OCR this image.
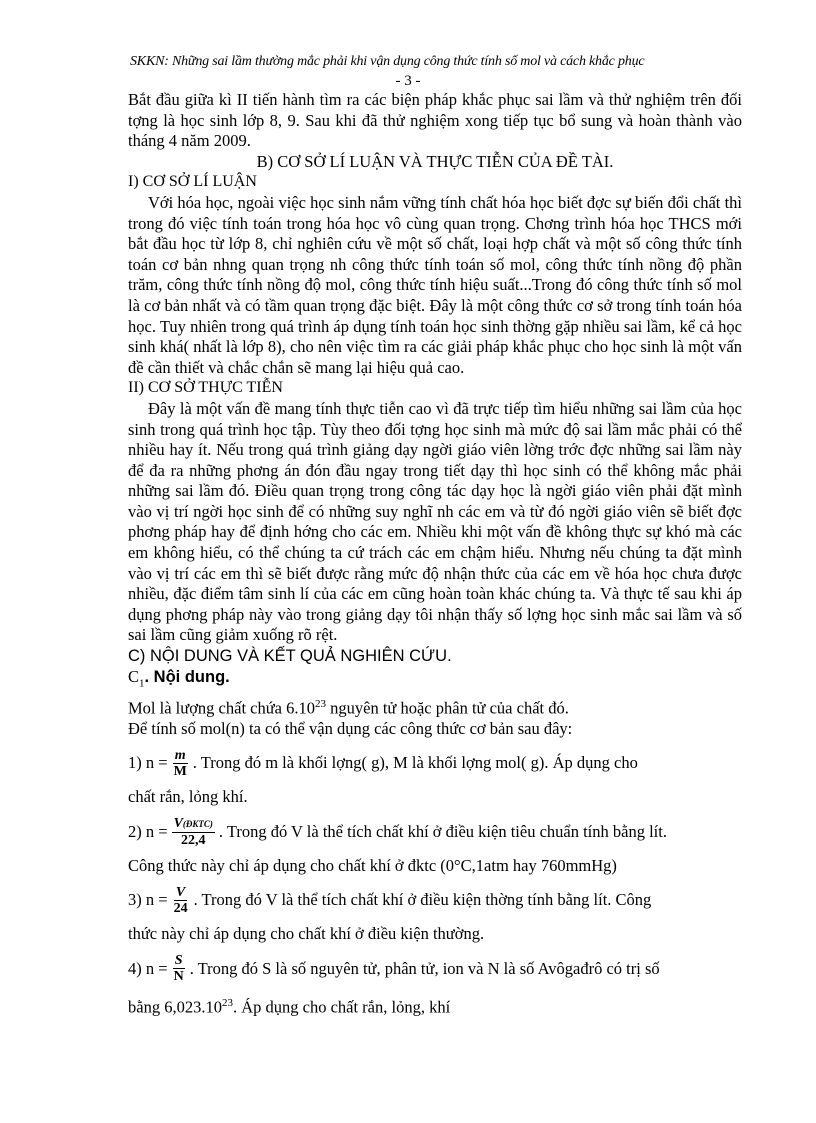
SKKN: Những sai lầm thường mắc phải khi vận dụng công thức tính số mol và cách khắc phục
- 3 -

Bắt đầu giữa kì II tiến hành tìm ra các biện pháp khắc phục sai lầm và thử nghiệm trên đối tợng là học sinh lớp 8, 9. Sau khi đã thử nghiệm xong tiếp tục bổ sung và hoàn thành vào tháng 4 năm 2009.

B) CƠ SỞ LÍ LUẬN VÀ THỰC TIỄN CỦA ĐỀ TÀI.

I) CƠ SỞ LÍ LUẬN

Với hóa học, ngoài việc học sinh nắm vững tính chất hóa học biết đợc sự biến đổi chất thì trong đó việc tính toán trong hóa học vô cùng quan trọng. Chơng trình hóa học THCS mới bắt đầu học từ lớp 8, chỉ nghiên cứu về một số chất, loại hợp chất và một số công thức tính toán cơ bản nhng quan trọng nh công thức tính toán số mol, công thức tính nồng độ phần trăm, công thức tính nồng độ mol, công thức tính hiệu suất...Trong đó công thức tính số mol là cơ bản nhất và có tầm quan trọng đặc biệt. Đây là một công thức cơ sở trong tính toán hóa học. Tuy nhiên trong quá trình áp dụng tính toán học sinh thờng gặp nhiều sai lầm, kể cả học sinh khá( nhất là lớp 8), cho nên việc tìm ra các giải pháp khắc phục cho học sinh là một vấn đề cần thiết và chắc chắn sẽ mang lại hiệu quả cao.

II) CƠ SỞ THỰC TIỄN

Đây là một vấn đề mang tính thực tiễn cao vì đã trực tiếp tìm hiểu những sai lầm của học sinh trong quá trình học tập. Tùy theo đối tợng học sinh mà mức độ sai lầm mắc phải có thể nhiều hay ít. Nếu trong quá trình giảng dạy ngời giáo viên lờng trớc đợc những sai lầm này để đa ra những phơng án đón đầu ngay trong tiết dạy thì học sinh có thể không mắc phải những sai lầm đó. Điều quan trọng trong công tác dạy học là ngời giáo viên phải đặt mình vào vị trí ngời học sinh để có những suy nghĩ nh các em và từ đó ngời giáo viên sẽ biết đợc phơng pháp hay để định hớng cho các em. Nhiều khi một vấn đề không thực sự khó mà các em không hiểu, có thể chúng ta cứ trách các em chậm hiểu. Nhưng nếu chúng ta đặt mình vào vị trí các em thì sẽ biết được rằng mức độ nhận thức của các em về hóa học chưa được nhiều, đặc điểm tâm sinh lí của các em cũng hoàn toàn khác chúng ta. Và thực tế sau khi áp dụng phơng pháp này vào trong giảng dạy tôi nhận thấy số lợng học sinh mắc sai lầm và số sai lầm cũng giảm xuống rõ rệt.

C) NỘI DUNG VÀ KẾT QUẢ NGHIÊN CỨU.

$C_1$. Nội dung.

Mol là lượng chất chứa 6.10$^{23}$ nguyên tử hoặc phân tử của chất đó.

Để tính số mol(n) ta có thể vận dụng các công thức cơ bản sau đây:

1) $n = \frac{m}{M}$ . Trong đó m là khối lợng( g), M là khối lợng mol( g). Áp dụng cho

chất rắn, lỏng khí.

2) $n = \frac{\text{V(ĐKTC)}}{22,4}$ . Trong đó V là thể tích chất khí ở điều kiện tiêu chuẩn tính bằng lít.

Công thức này chỉ áp dụng cho chất khí ở đktc (0°C,1atm hay 760mmHg)

3) $n = \frac{V}{24}$ . Trong đó V là thể tích chất khí ở điều kiện thờng tính bằng lít. Công

thức này chỉ áp dụng cho chất khí ở điều kiện thường.

4) $n = \frac{S}{N}$ . Trong đó S là số nguyên tử, phân tử, ion và N là số Avôgađrô có trị số

bằng 6,023.10$^{23}$. Áp dụng cho chất rắn, lỏng, khí
